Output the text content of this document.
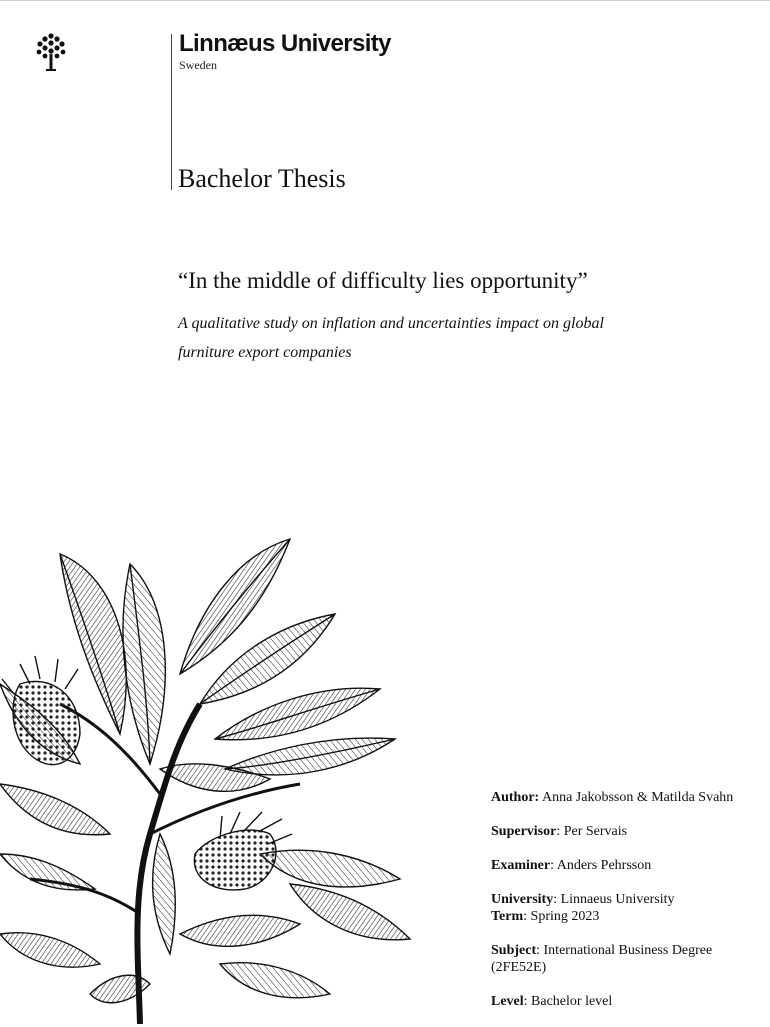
Linnæus University

Sweden

Bachelor Thesis
“In the middle of difficulty lies opportunity”

A qualitative study on inflation and uncertainties impact on global furniture export companies

Author: Anna Jakobsson & Matilda Svahn

Supervisor: Per Servais

Examiner: Anders Pehrsson

University: Linnaeus University

Term: Spring 2023

Subject: International Business Degree (2FE52E)

Level: Bachelor level
